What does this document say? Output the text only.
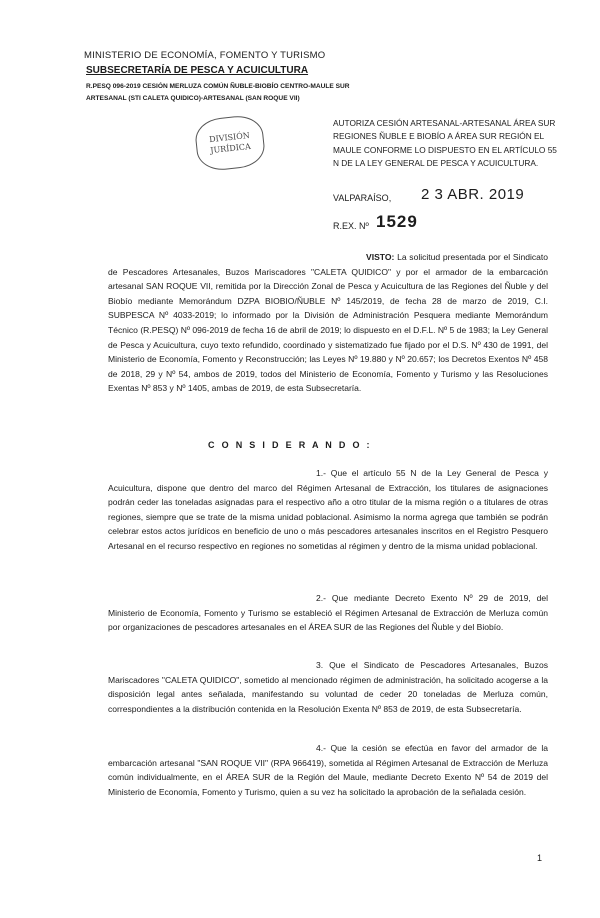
MINISTERIO DE ECONOMÍA, FOMENTO Y TURISMO
SUBSECRETARÍA DE PESCA Y ACUICULTURA
R.PESQ 096-2019 CESIÓN MERLUZA COMÚN ÑUBLE-BIOBÍO CENTRO-MAULE SUR ARTESANAL (STI CALETA QUIDICO)-ARTESANAL (SAN ROQUE VII)
DIVISIÓN
JURÍDICA
AUTORIZA CESIÓN ARTESANAL-ARTESANAL ÁREA SUR REGIONES ÑUBLE E BIOBÍO A ÁREA SUR REGIÓN EL MAULE CONFORME LO DISPUESTO EN EL ARTÍCULO 55 N DE LA LEY GENERAL DE PESCA Y ACUICULTURA.
VALPARAÍSO, 2 3 ABR. 2019
R.EX. Nº 1529
VISTO: La solicitud presentada por el Sindicato de Pescadores Artesanales, Buzos Mariscadores "CALETA QUIDICO" y por el armador de la embarcación artesanal SAN ROQUE VII, remitida por la Dirección Zonal de Pesca y Acuicultura de las Regiones del Ñuble y del Biobío mediante Memorándum DZPA BIOBIO/ÑUBLE Nº 145/2019, de fecha 28 de marzo de 2019, C.I. SUBPESCA Nº 4033-2019; lo informado por la División de Administración Pesquera mediante Memorándum Técnico (R.PESQ) Nº 096-2019 de fecha 16 de abril de 2019; lo dispuesto en el D.F.L. Nº 5 de 1983; la Ley General de Pesca y Acuicultura, cuyo texto refundido, coordinado y sistematizado fue fijado por el D.S. Nº 430 de 1991, del Ministerio de Economía, Fomento y Reconstrucción; las Leyes Nº 19.880 y Nº 20.657; los Decretos Exentos Nº 458 de 2018, 29 y Nº 54, ambos de 2019, todos del Ministerio de Economía, Fomento y Turismo y las Resoluciones Exentas Nº 853 y Nº 1405, ambas de 2019, de esta Subsecretaría.
C O N S I D E R A N D O :
1.- Que el artículo 55 N de la Ley General de Pesca y Acuicultura, dispone que dentro del marco del Régimen Artesanal de Extracción, los titulares de asignaciones podrán ceder las toneladas asignadas para el respectivo año a otro titular de la misma región o a titulares de otras regiones, siempre que se trate de la misma unidad poblacional. Asimismo la norma agrega que también se podrán celebrar estos actos jurídicos en beneficio de uno o más pescadores artesanales inscritos en el Registro Pesquero Artesanal en el recurso respectivo en regiones no sometidas al régimen y dentro de la misma unidad poblacional.
2.- Que mediante Decreto Exento Nº 29 de 2019, del Ministerio de Economía, Fomento y Turismo se estableció el Régimen Artesanal de Extracción de Merluza común por organizaciones de pescadores artesanales en el ÁREA SUR de las Regiones del Ñuble y del Biobío.
3. Que el Sindicato de Pescadores Artesanales, Buzos Mariscadores "CALETA QUIDICO", sometido al mencionado régimen de administración, ha solicitado acogerse a la disposición legal antes señalada, manifestando su voluntad de ceder 20 toneladas de Merluza común, correspondientes a la distribución contenida en la Resolución Exenta Nº 853 de 2019, de esta Subsecretaría.
4.- Que la cesión se efectúa en favor del armador de la embarcación artesanal "SAN ROQUE VII" (RPA 966419), sometida al Régimen Artesanal de Extracción de Merluza común individualmente, en el ÁREA SUR de la Región del Maule, mediante Decreto Exento Nº 54 de 2019 del Ministerio de Economía, Fomento y Turismo, quien a su vez ha solicitado la aprobación de la señalada cesión.
1
